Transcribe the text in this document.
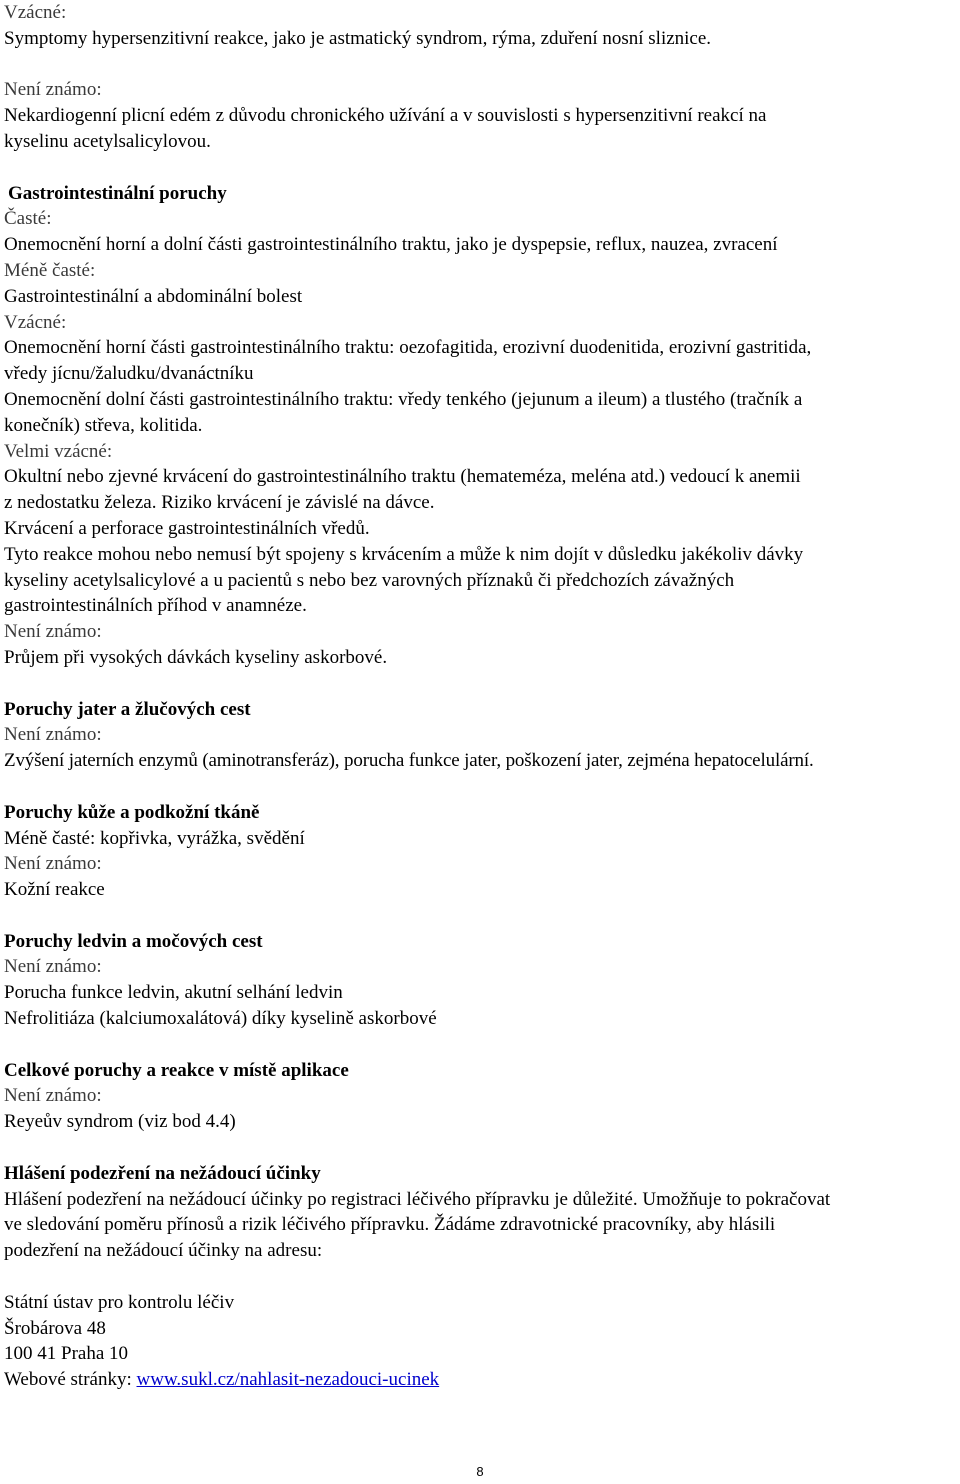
Vzácné:
Symptomy hypersenzitivní reakce, jako je astmatický syndrom, rýma, zduření nosní sliznice.
Není známo:
Nekardiogenní plicní edém z důvodu chronického užívání a v souvislosti s hypersenzitivní reakcí na
kyselinu acetylsalicylovou.
Gastrointestinální poruchy
Časté:
Onemocnění horní a dolní části gastrointestinálního traktu, jako je dyspepsie, reflux, nauzea, zvracení
Méně časté:
Gastrointestinální a abdominální bolest
Vzácné:
Onemocnění horní části gastrointestinálního traktu: oezofagitida, erozivní duodenitida, erozivní gastritida,
vředy jícnu/žaludku/dvanáctníku
Onemocnění dolní části gastrointestinálního traktu: vředy tenkého (jejunum a ileum) a tlustého (tračník a
konečník) střeva, kolitida.
Velmi vzácné:
Okultní nebo zjevné krvácení do gastrointestinálního traktu (hemateméza, meléna atd.) vedoucí k anemii
z nedostatku železa. Riziko krvácení je závislé na dávce.
Krvácení a perforace gastrointestinálních vředů.
Tyto reakce mohou nebo nemusí být spojeny s krvácením a může k nim dojít v důsledku jakékoliv dávky
kyseliny acetylsalicylové a u pacientů s nebo bez varovných příznaků či předchozích závažných
gastrointestinálních příhod v anamnéze.
Není známo:
Průjem při vysokých dávkách kyseliny askorbové.
Poruchy jater a žlučových cest
Není známo:
Zvýšení jaterních enzymů (aminotransferáz), porucha funkce jater, poškození jater, zejména hepatocelulární.
Poruchy kůže a podkožní tkáně
Méně časté: kopřivka, vyrážka, svědění
Není známo:
Kožní reakce
Poruchy ledvin a močových cest
Není známo:
Porucha funkce ledvin, akutní selhání ledvin
Nefrolitiáza (kalciumoxalátová) díky kyselině askorbové
Celkové poruchy a reakce v místě aplikace
Není známo:
Reyeův syndrom (viz bod 4.4)
Hlášení podezření na nežádoucí účinky
Hlášení podezření na nežádoucí účinky po registraci léčivého přípravku je důležité. Umožňuje to pokračovat
ve sledování poměru přínosů a rizik léčivého přípravku. Žádáme zdravotnické pracovníky, aby hlásili
podezření na nežádoucí účinky na adresu:
Státní ústav pro kontrolu léčiv
Šrobárova 48
100 41 Praha 10
Webové stránky: www.sukl.cz/nahlasit-nezadouci-ucinek
8
